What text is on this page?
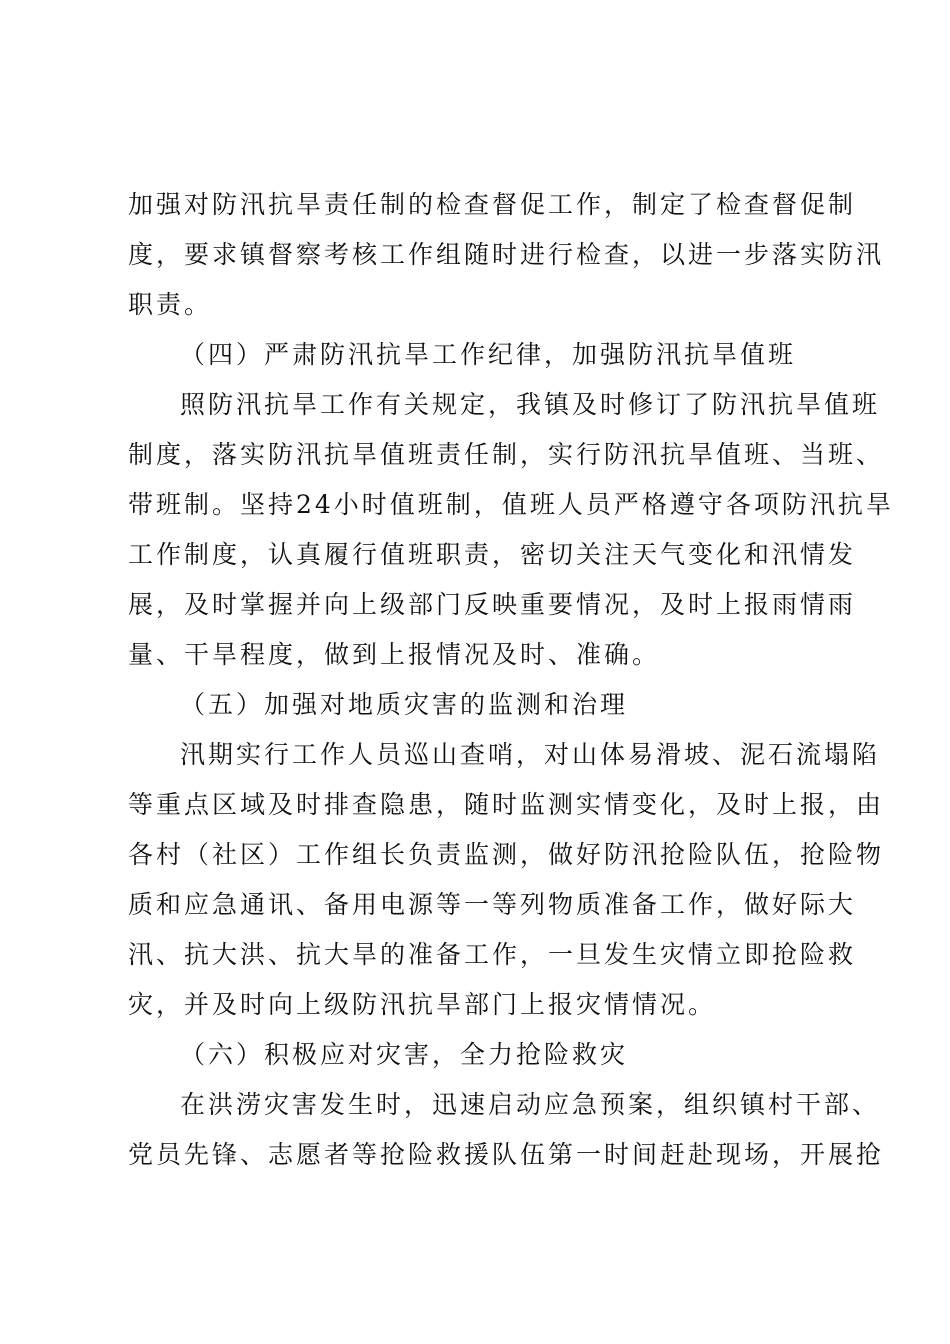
加强对防汛抗旱责任制的检查督促工作，制定了检查督促制
度，要求镇督察考核工作组随时进行检查，以进一步落实防汛
职责。
（四）严肃防汛抗旱工作纪律，加强防汛抗旱值班
照防汛抗旱工作有关规定，我镇及时修订了防汛抗旱值班
制度，落实防汛抗旱值班责任制，实行防汛抗旱值班、当班、
带班制。坚持24小时值班制，值班人员严格遵守各项防汛抗旱
工作制度，认真履行值班职责，密切关注天气变化和汛情发
展，及时掌握并向上级部门反映重要情况，及时上报雨情雨
量、干旱程度，做到上报情况及时、准确。
（五）加强对地质灾害的监测和治理
汛期实行工作人员巡山查哨，对山体易滑坡、泥石流塌陷
等重点区域及时排查隐患，随时监测实情变化，及时上报，由
各村（社区）工作组长负责监测，做好防汛抢险队伍，抢险物
质和应急通讯、备用电源等一等列物质准备工作，做好际大
汛、抗大洪、抗大旱的准备工作，一旦发生灾情立即抢险救
灾，并及时向上级防汛抗旱部门上报灾情情况。
（六）积极应对灾害，全力抢险救灾
在洪涝灾害发生时，迅速启动应急预案，组织镇村干部、
党员先锋、志愿者等抢险救援队伍第一时间赶赴现场，开展抢
